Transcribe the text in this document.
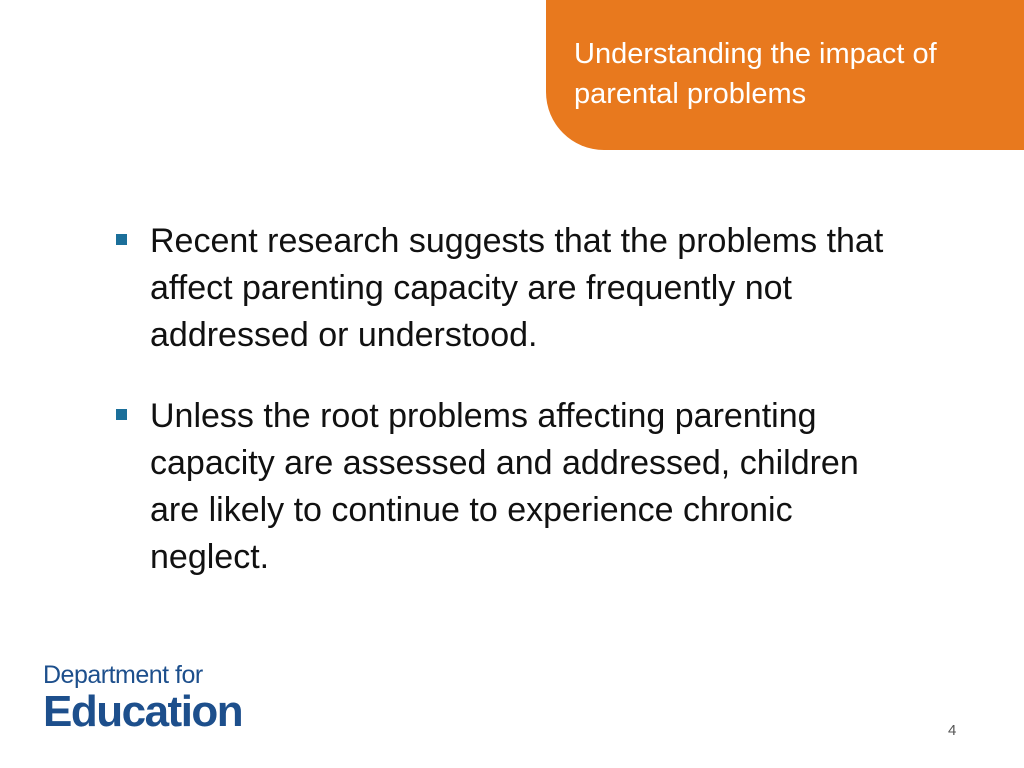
Understanding the impact of parental problems
Recent research suggests that the problems that affect parenting capacity are frequently not addressed or understood.
Unless the root problems affecting parenting capacity are assessed and addressed, children are likely to continue to experience chronic neglect.
Department for
Education	4
